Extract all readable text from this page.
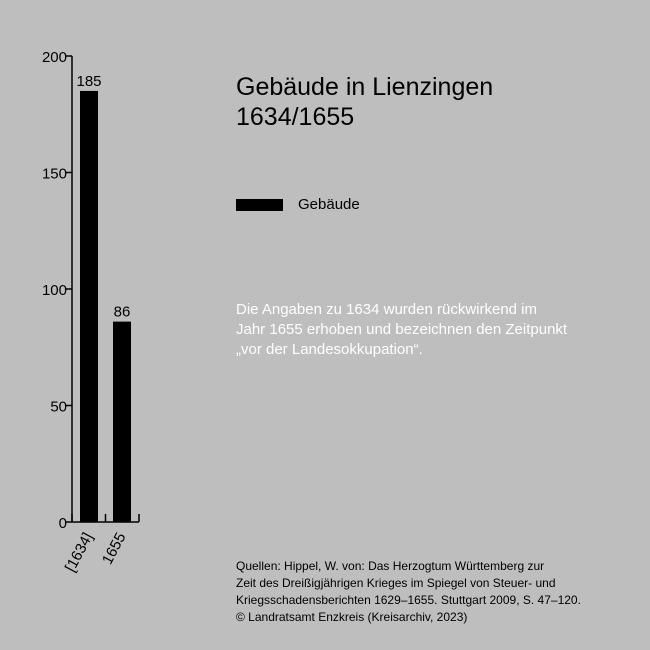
0
50
100
150
200
185
[1634]
86
1655
Gebäude in Lienzingen
1634/1655
Gebäude
Die Angaben zu 1634 wurden rückwirkend im
Jahr 1655 erhoben und bezeichnen den Zeitpunkt
„vor der Landesokkupation“.
Quellen: Hippel, W. von: Das Herzogtum Württemberg zur
Zeit des Dreißigjährigen Krieges im Spiegel von Steuer- und
Kriegsschadensberichten 1629–1655. Stuttgart 2009, S. 47–120.
© Landratsamt Enzkreis (Kreisarchiv, 2023)
